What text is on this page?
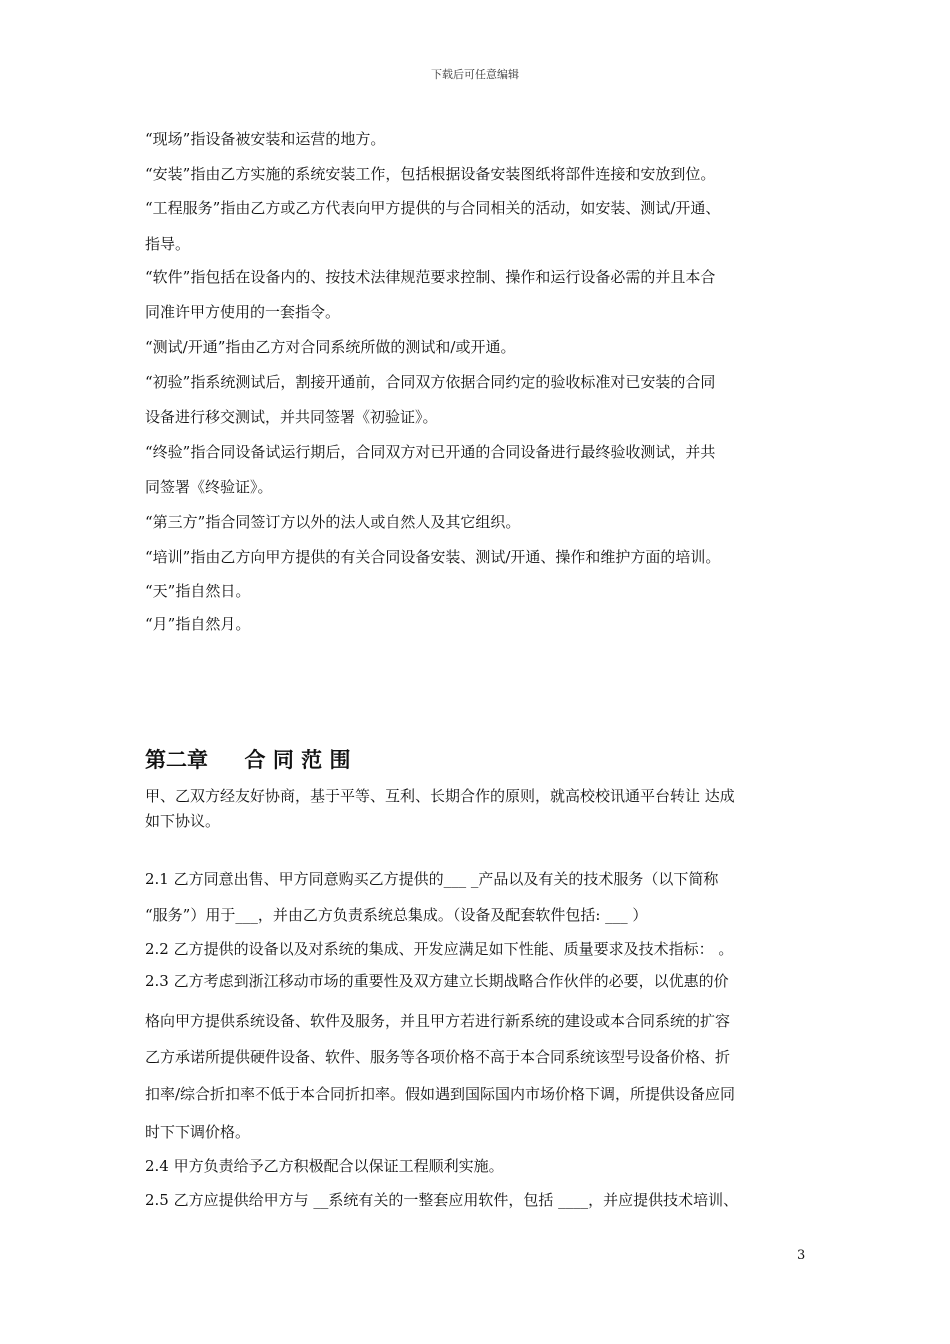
下载后可任意编辑
“现场”指设备被安装和运营的地方。
“安装”指由乙方实施的系统安装工作，包括根据设备安装图纸将部件连接和安放到位。
“工程服务”指由乙方或乙方代表向甲方提供的与合同相关的活动，如安装、测试/开通、
指导。
“软件”指包括在设备内的、按技术法律规范要求控制、操作和运行设备必需的并且本合
同准许甲方使用的一套指令。
“测试/开通”指由乙方对合同系统所做的测试和/或开通。
“初验”指系统测试后，割接开通前，合同双方依据合同约定的验收标准对已安装的合同
设备进行移交测试，并共同签署《初验证》。
“终验”指合同设备试运行期后，合同双方对已开通的合同设备进行最终验收测试，并共
同签署《终验证》。
“第三方”指合同签订方以外的法人或自然人及其它组织。
“培训”指由乙方向甲方提供的有关合同设备安装、测试/开通、操作和维护方面的培训。
“天”指自然日。
“月”指自然月。
第二章     合 同 范 围
甲、乙双方经友好协商，基于平等、互利、长期合作的原则，就高校校讯通平台转让 达成
如下协议。
2.1 乙方同意出售、甲方同意购买乙方提供的___ _产品以及有关的技术服务（以下简称
“服务”）用于___，并由乙方负责系统总集成。（设备及配套软件包括: ___ ）
2.2 乙方提供的设备以及对系统的集成、开发应满足如下性能、质量要求及技术指标： 。
2.3 乙方考虑到浙江移动市场的重要性及双方建立长期战略合作伙伴的必要，以优惠的价
格向甲方提供系统设备、软件及服务，并且甲方若进行新系统的建设或本合同系统的扩容
乙方承诺所提供硬件设备、软件、服务等各项价格不高于本合同系统该型号设备价格、折
扣率/综合折扣率不低于本合同折扣率。假如遇到国际国内市场价格下调，所提供设备应同
时下下调价格。
2.4 甲方负责给予乙方积极配合以保证工程顺利实施。
2.5 乙方应提供给甲方与 __系统有关的一整套应用软件，包括 ____，并应提供技术培训、
3
